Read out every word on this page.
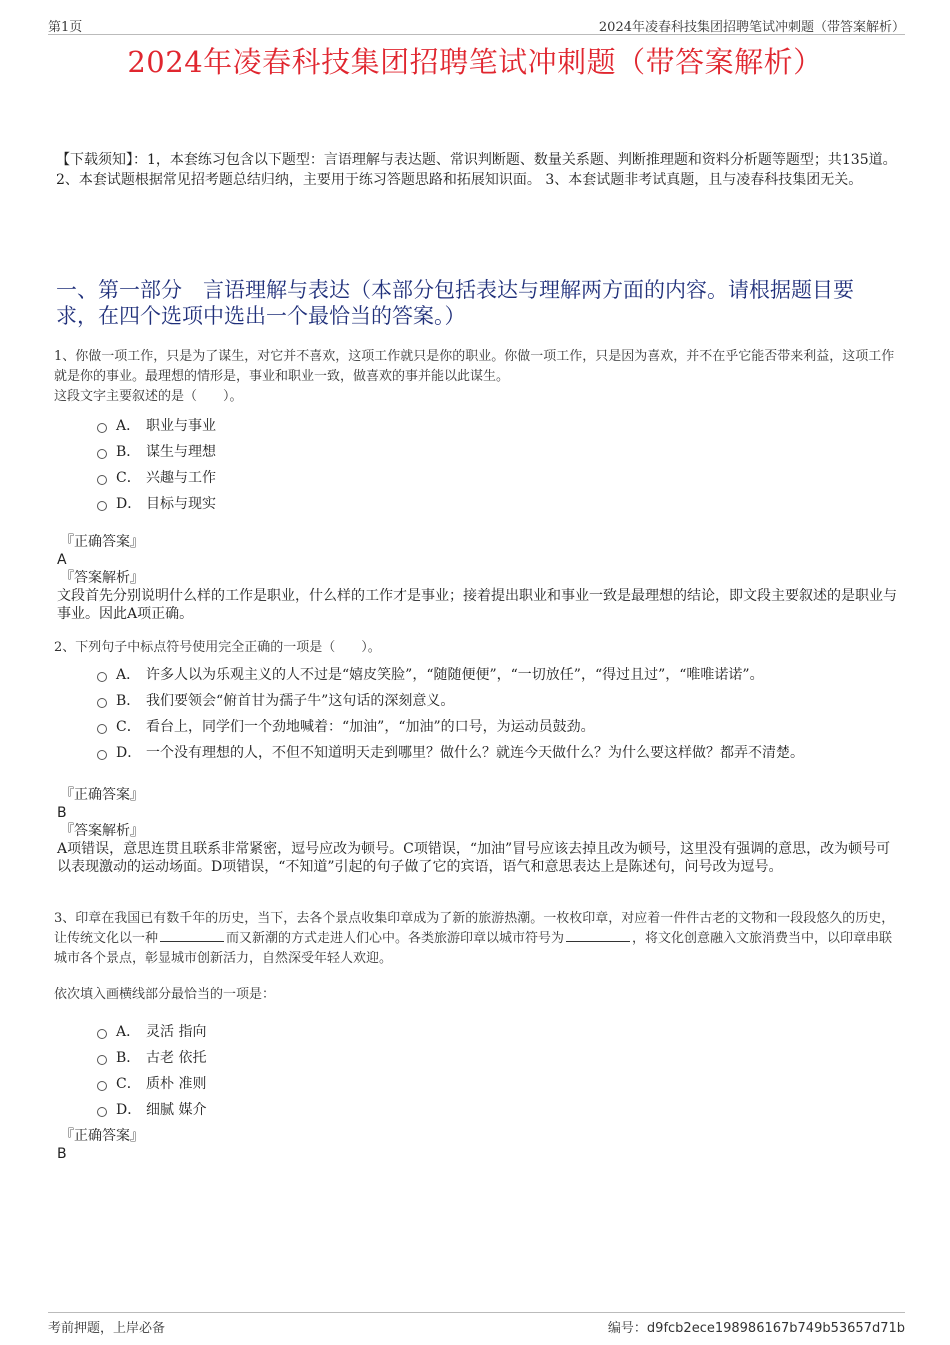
第1页	2024年凌春科技集团招聘笔试冲刺题（带答案解析）
2024年凌春科技集团招聘笔试冲刺题（带答案解析）
【下载须知】：1，本套练习包含以下题型：言语理解与表达题、常识判断题、数量关系题、判断推理题和资料分析题等题型；共135道。 2、本套试题根据常见招考题总结归纳，主要用于练习答题思路和拓展知识面。 3、本套试题非考试真题，且与凌春科技集团无关。
一、第一部分　言语理解与表达（本部分包括表达与理解两方面的内容。请根据题目要求，在四个选项中选出一个最恰当的答案。）

1、你做一项工作，只是为了谋生，对它并不喜欢，这项工作就只是你的职业。你做一项工作，只是因为喜欢，并不在乎它能否带来利益，这项工作就是你的事业。最理想的情形是，事业和职业一致，做喜欢的事并能以此谋生。

这段文字主要叙述的是（　　）。

A． 职业与事业
B． 谋生与理想
C． 兴趣与工作
D． 目标与现实
『正确答案』
A
『答案解析』
文段首先分别说明什么样的工作是职业，什么样的工作才是事业；接着提出职业和事业一致是最理想的结论，即文段主要叙述的是职业与事业。因此A项正确。

2、下列句子中标点符号使用完全正确的一项是（　　）。

A． 许多人以为乐观主义的人不过是“嬉皮笑脸”，“随随便便”，“一切放任”，“得过且过”，“唯唯诺诺”。
B． 我们要领会“俯首甘为孺子牛”这句话的深刻意义。
C． 看台上，同学们一个劲地喊着：“加油”，“加油”的口号，为运动员鼓劲。
D． 一个没有理想的人，不但不知道明天走到哪里？做什么？就连今天做什么？为什么要这样做？都弄不清楚。
『正确答案』
B
『答案解析』
A项错误，意思连贯且联系非常紧密，逗号应改为顿号。C项错误，“加油”冒号应该去掉且改为顿号，这里没有强调的意思，改为顿号可以表现激动的运动场面。D项错误，“不知道”引起的句子做了它的宾语，语气和意思表达上是陈述句，问号改为逗号。

3、印章在我国已有数千年的历史，当下，去各个景点收集印章成为了新的旅游热潮。一枚枚印章，对应着一件件古老的文物和一段段悠久的历史，让传统文化以一种	而又新潮的方式走进人们心中。各类旅游印章以城市符号为	，将文化创意融入文旅消费当中，以印章串联城市各个景点，彰显城市创新活力，自然深受年轻人欢迎。

依次填入画横线部分最恰当的一项是：

A． 灵活 指向
B． 古老 依托
C． 质朴 准则
D． 细腻 媒介
『正确答案』
B
考前押题，上岸必备	编号：d9fcb2ece198986167b749b53657d71b
